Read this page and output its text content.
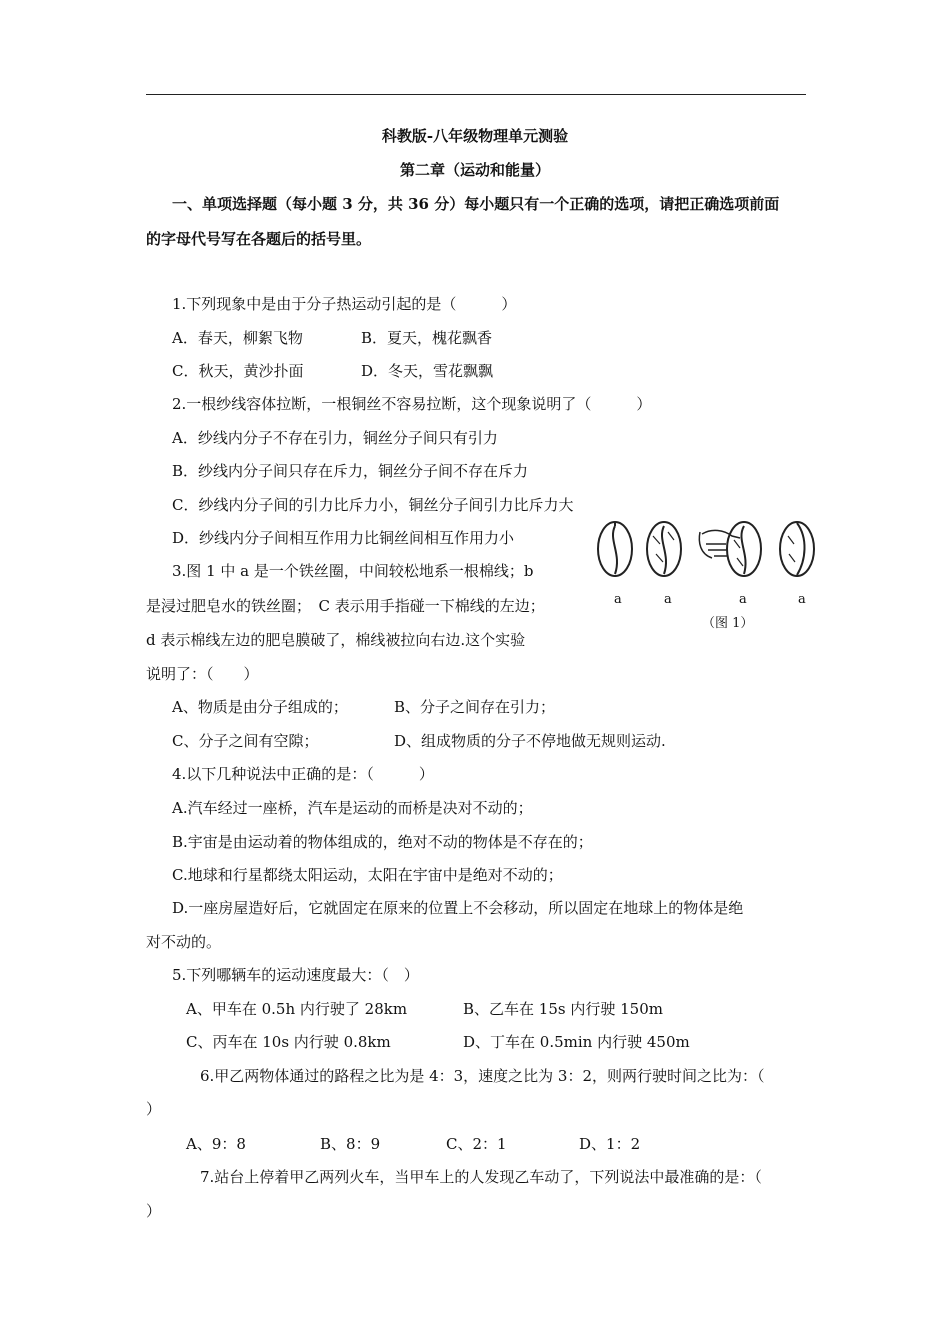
科教版-八年级物理单元测验
第二章（运动和能量）
一、单项选择题（每小题 3 分，共 36 分）每小题只有一个正确的选项，请把正确选项前面
的字母代号写在各题后的括号里。
1.下列现象中是由于分子热运动引起的是（　　　）
A．春天，柳絮飞物	B．夏天，槐花飘香
C．秋天，黄沙扑面	D．冬天，雪花飘飘
2.一根纱线容体拉断，一根铜丝不容易拉断，这个现象说明了（　　　）
A．纱线内分子不存在引力，铜丝分子间只有引力
B．纱线内分子间只存在斥力，铜丝分子间不存在斥力
C．纱线内分子间的引力比斥力小，铜丝分子间引力比斥力大
D．纱线内分子间相互作用力比铜丝间相互作用力小
3.图 1 中 a 是一个铁丝圈，中间较松地系一根棉线；b
是浸过肥皂水的铁丝圈；　C 表示用手指碰一下棉线的左边；
d 表示棉线左边的肥皂膜破了，棉线被拉向右边.这个实验
说明了：（　　）
a	a	a	a
（图 1）
A、物质是由分子组成的；	B、分子之间存在引力；
C、分子之间有空隙；	D、组成物质的分子不停地做无规则运动.
4.以下几种说法中正确的是：（　　　）
A.汽车经过一座桥，汽车是运动的而桥是决对不动的；
B.宇宙是由运动着的物体组成的，绝对不动的物体是不存在的；
C.地球和行星都绕太阳运动，太阳在宇宙中是绝对不动的；
D.一座房屋造好后，它就固定在原来的位置上不会移动，所以固定在地球上的物体是绝
对不动的。
5.下列哪辆车的运动速度最大：（　）
A、甲车在 0.5h 内行驶了 28km	B、乙车在 15s 内行驶 150m
C、丙车在 10s 内行驶 0.8km	D、丁车在 0.5min 内行驶 450m
6.甲乙两物体通过的路程之比为是 4：3，速度之比为 3：2，则两行驶时间之比为：（
）
A、9：8	B、8：9	C、2：1	D、1：2
7.站台上停着甲乙两列火车，当甲车上的人发现乙车动了，下列说法中最准确的是：（
）
